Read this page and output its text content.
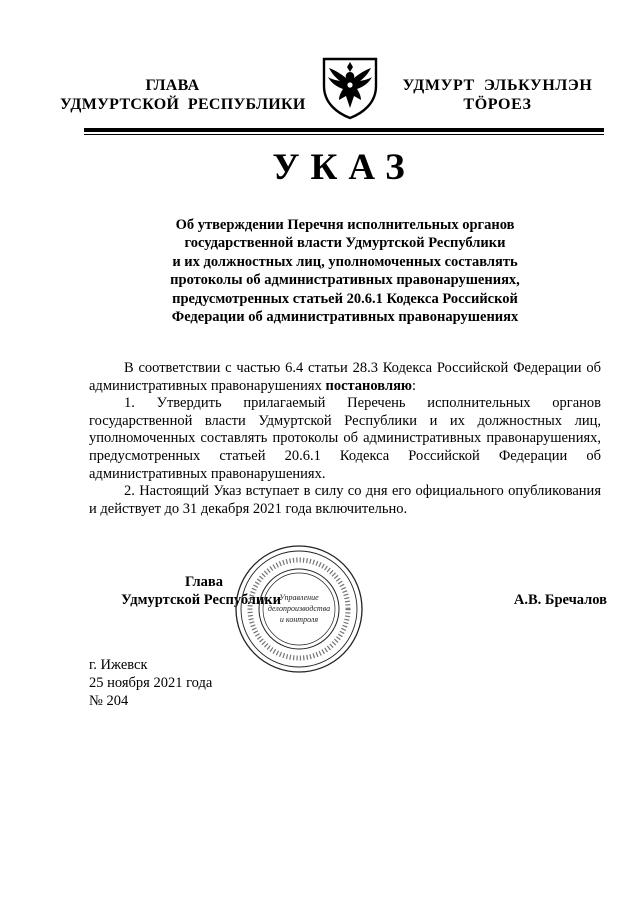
ГЛАВА
УДМУРТСКОЙ  РЕСПУБЛИКИ
УДМУРТ  ЭЛЬКУНЛЭН
ТӦРОЕЗ
УКАЗ
Об утверждении Перечня исполнительных органов
государственной власти Удмуртской Республики
и их должностных лиц, уполномоченных составлять
протоколы об административных правонарушениях,
предусмотренных статьей 20.6.1 Кодекса Российской
Федерации об административных правонарушениях

В соответствии с частью 6.4 статьи 28.3 Кодекса Российской Федерации об административных правонарушениях постановляю:

1. Утвердить прилагаемый Перечень исполнительных органов государственной власти Удмуртской Республики и их должностных лиц, уполномоченных составлять протоколы об административных правонарушениях, предусмотренных статьей 20.6.1 Кодекса Российской Федерации об административных правонарушениях.

2. Настоящий Указ вступает в силу со дня его официального опубликования и действует до 31 декабря 2021 года включительно.

Глава
Удмуртской Республики
Управление
делопроизводства
и контроля
А.В. Бречалов
г. Ижевск
25 ноября 2021 года
№ 204
